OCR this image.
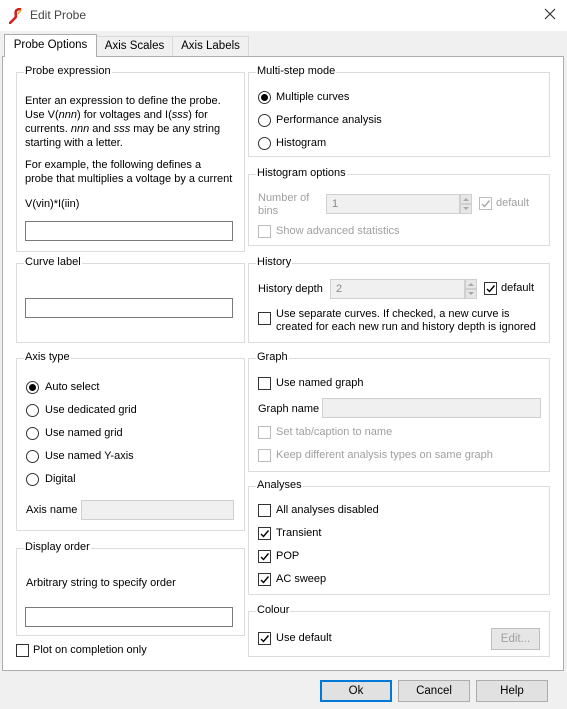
Edit Probe
Probe Options	Axis Scales	Axis Labels
Probe expression
Enter an expression to define the probe.
Use V(nnn) for voltages and I(sss) for
currents. nnn and sss may be any string
starting with a letter.
For example, the following defines a
probe that multiplies a voltage by a current
V(vin)*I(iin)
Curve label
Axis type
Auto select
Use dedicated grid
Use named grid
Use named Y-axis
Digital
Axis name
Display order
Arbitrary string to specify order
Plot on completion only
Multi-step mode
Multiple curves
Performance analysis
Histogram
Histogram options
Number of
bins
1	default
Show advanced statistics
History
History depth 2	default
Use separate curves. If checked, a new curve is
created for each new run and history depth is ignored
Graph
Use named graph
Graph name
Set tab/caption to name
Keep different analysis types on same graph
Analyses
All analyses disabled
Transient
POP
AC sweep
Colour
Use default	Edit...
Ok	Cancel	Help
